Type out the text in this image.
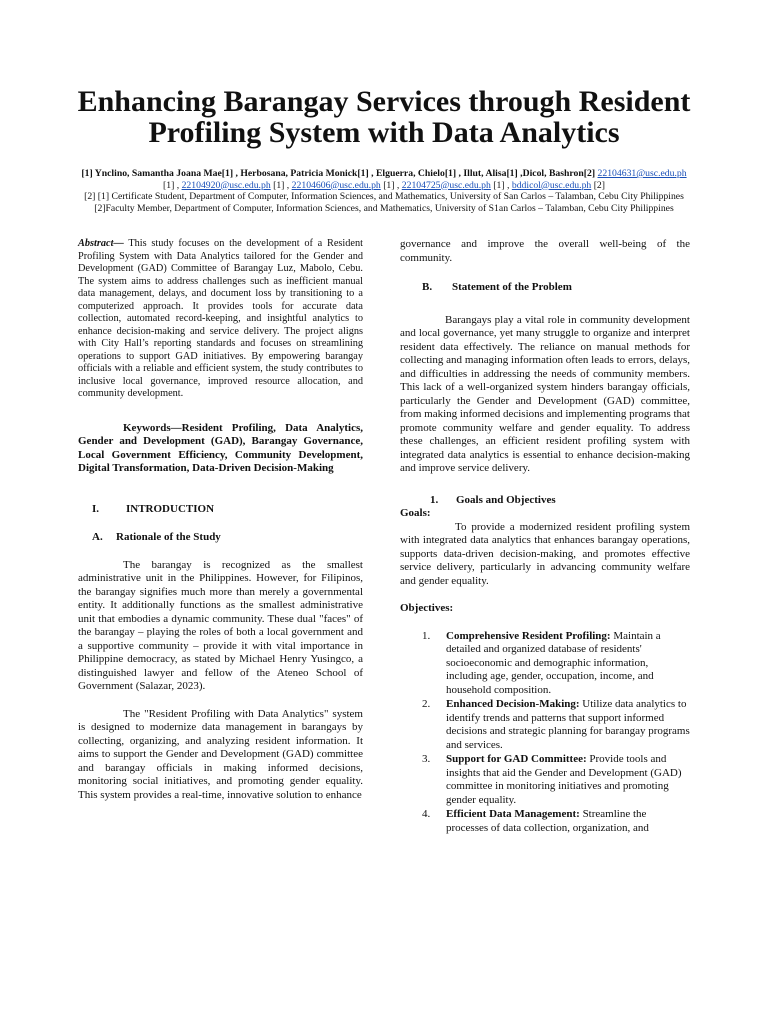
Enhancing Barangay Services through Resident Profiling System with Data Analytics
[1] Ynclino, Samantha Joana Mae[1] , Herbosana, Patricia Monick[1] , Elguerra, Chielo[1] , Illut, Alisa[1] ,Dicol, Bashron[2] 22104631@usc.edu.ph
[1] , 22104920@usc.edu.ph [1] , 22104606@usc.edu.ph [1] , 22104725@usc.edu.ph [1] , bddicol@usc.edu.ph [2]
[2] [1] Certificate Student, Department of Computer, Information Sciences, and Mathematics, University of San Carlos – Talamban, Cebu City Philippines
[2]Faculty Member, Department of Computer, Information Sciences, and Mathematics, University of S1an Carlos – Talamban, Cebu City Philippines

Abstract— This study focuses on the development of a Resident Profiling System with Data Analytics tailored for the Gender and Development (GAD) Committee of Barangay Luz, Mabolo, Cebu. The system aims to address challenges such as inefficient manual data management, delays, and document loss by transitioning to a computerized approach. It provides tools for accurate data collection, automated record-keeping, and insightful analytics to enhance decision-making and service delivery. The project aligns with City Hall’s reporting standards and focuses on streamlining operations to support GAD initiatives. By empowering barangay officials with a reliable and efficient system, the study contributes to inclusive local governance, improved resource allocation, and community development.

Keywords—Resident Profiling, Data Analytics, Gender and Development (GAD), Barangay Governance, Local Government Efficiency, Community Development, Digital Transformation, Data-Driven Decision-Making

I. INTRODUCTION
A. Rationale of the Study

The barangay is recognized as the smallest administrative unit in the Philippines. However, for Filipinos, the barangay signifies much more than merely a governmental entity. It additionally functions as the smallest administrative unit that embodies a dynamic community. These dual "faces" of the barangay – playing the roles of both a local government and a supportive community – provide it with vital importance in Philippine democracy, as stated by Michael Henry Yusingco, a distinguished lawyer and fellow of the Ateneo School of Government (Salazar, 2023).

The "Resident Profiling with Data Analytics" system is designed to modernize data management in barangays by collecting, organizing, and analyzing resident information. It aims to support the Gender and Development (GAD) committee and barangay officials in making informed decisions, monitoring social initiatives, and promoting gender equality. This system provides a real-time, innovative solution to enhance

governance and improve the overall well-being of the community.

B. Statement of the Problem

Barangays play a vital role in community development and local governance, yet many struggle to organize and interpret resident data effectively. The reliance on manual methods for collecting and managing information often leads to errors, delays, and difficulties in addressing the needs of community members. This lack of a well-organized system hinders barangay officials, particularly the Gender and Development (GAD) committee, from making informed decisions and implementing programs that promote community welfare and gender equality. To address these challenges, an efficient resident profiling system with integrated data analytics is essential to enhance decision-making and improve service delivery.

1. Goals and Objectives
Goals:

To provide a modernized resident profiling system with integrated data analytics that enhances barangay operations, supports data-driven decision-making, and promotes effective service delivery, particularly in advancing community welfare and gender equality.

Objectives:
1. Comprehensive Resident Profiling: Maintain a detailed and organized database of residents' socioeconomic and demographic information, including age, gender, occupation, income, and household composition.
2. Enhanced Decision-Making: Utilize data analytics to identify trends and patterns that support informed decisions and strategic planning for barangay programs and services.
3. Support for GAD Committee: Provide tools and insights that aid the Gender and Development (GAD) committee in monitoring initiatives and promoting gender equality.
4. Efficient Data Management: Streamline the processes of data collection, organization, and
